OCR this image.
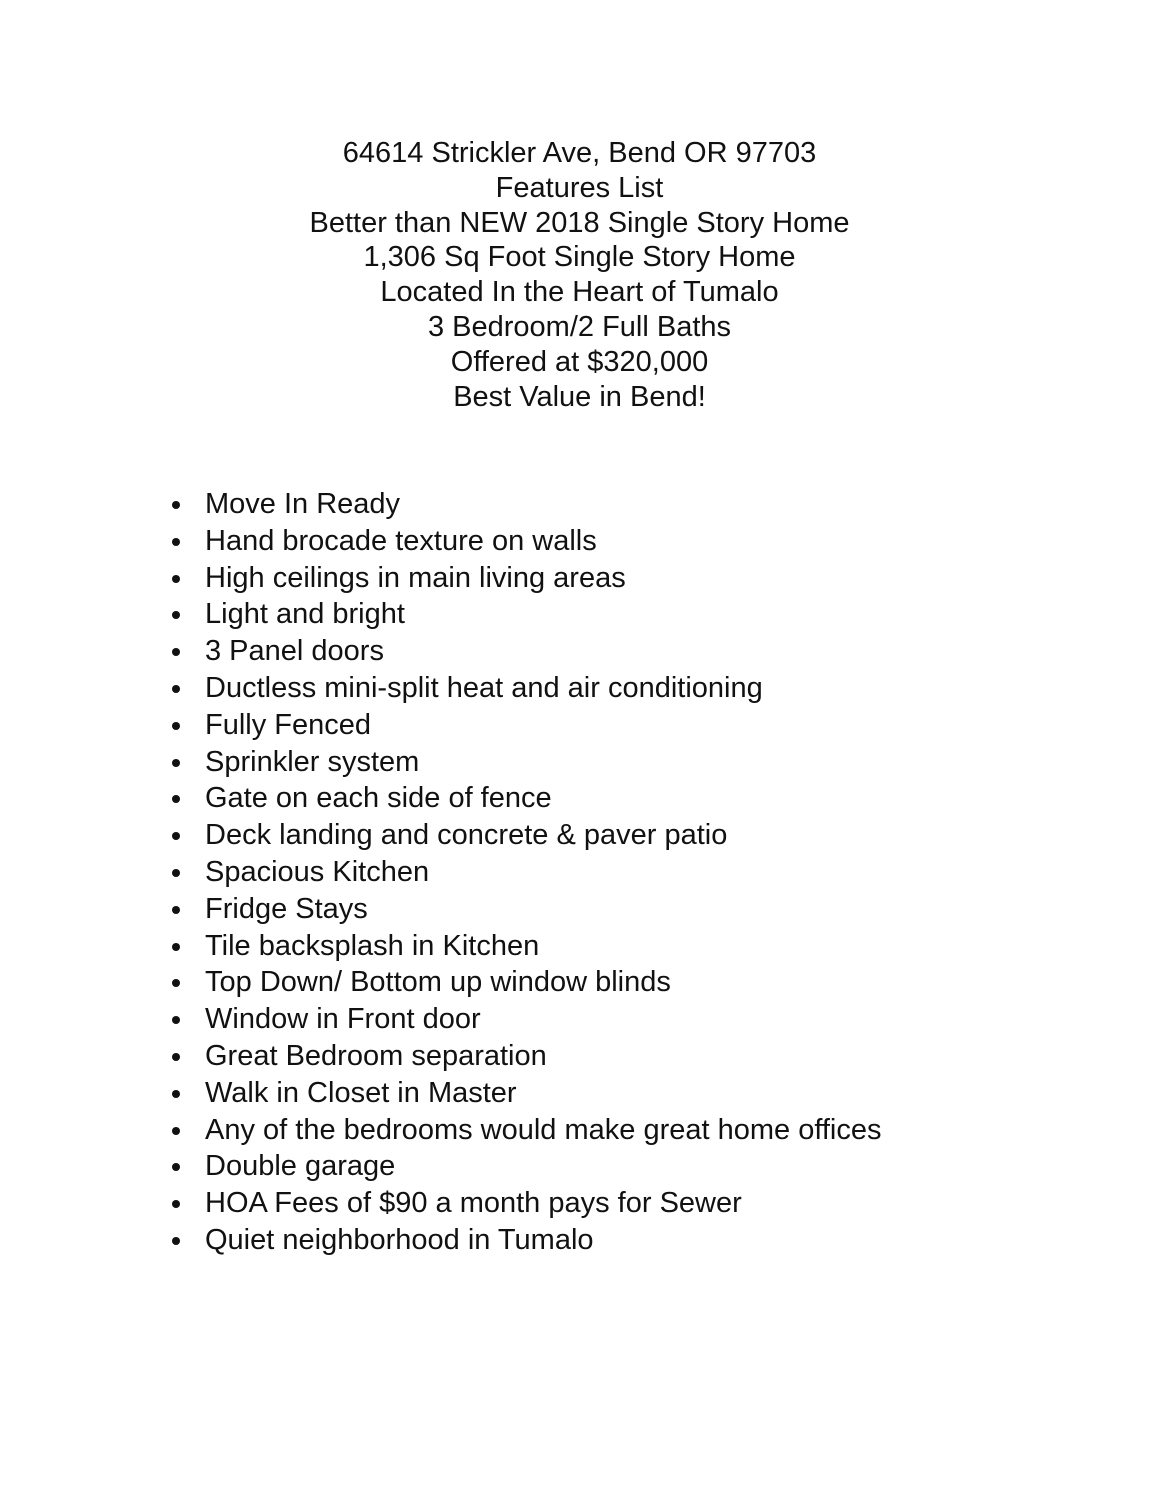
64614 Strickler Ave, Bend OR 97703
Features List
Better than NEW 2018 Single Story Home
1,306 Sq Foot Single Story Home
Located In the Heart of Tumalo
3 Bedroom/2 Full Baths
Offered at $320,000
Best Value in Bend!
Move In Ready
Hand brocade texture on walls
High ceilings in main living areas
Light and bright
3 Panel doors
Ductless mini-split heat and air conditioning
Fully Fenced
Sprinkler system
Gate on each side of fence
Deck landing and concrete & paver patio
Spacious Kitchen
Fridge Stays
Tile backsplash in Kitchen
Top Down/ Bottom up window blinds
Window in Front door
Great Bedroom separation
Walk in Closet in Master
Any of the bedrooms would make great home offices
Double garage
HOA Fees of $90 a month pays for Sewer
Quiet neighborhood in Tumalo
